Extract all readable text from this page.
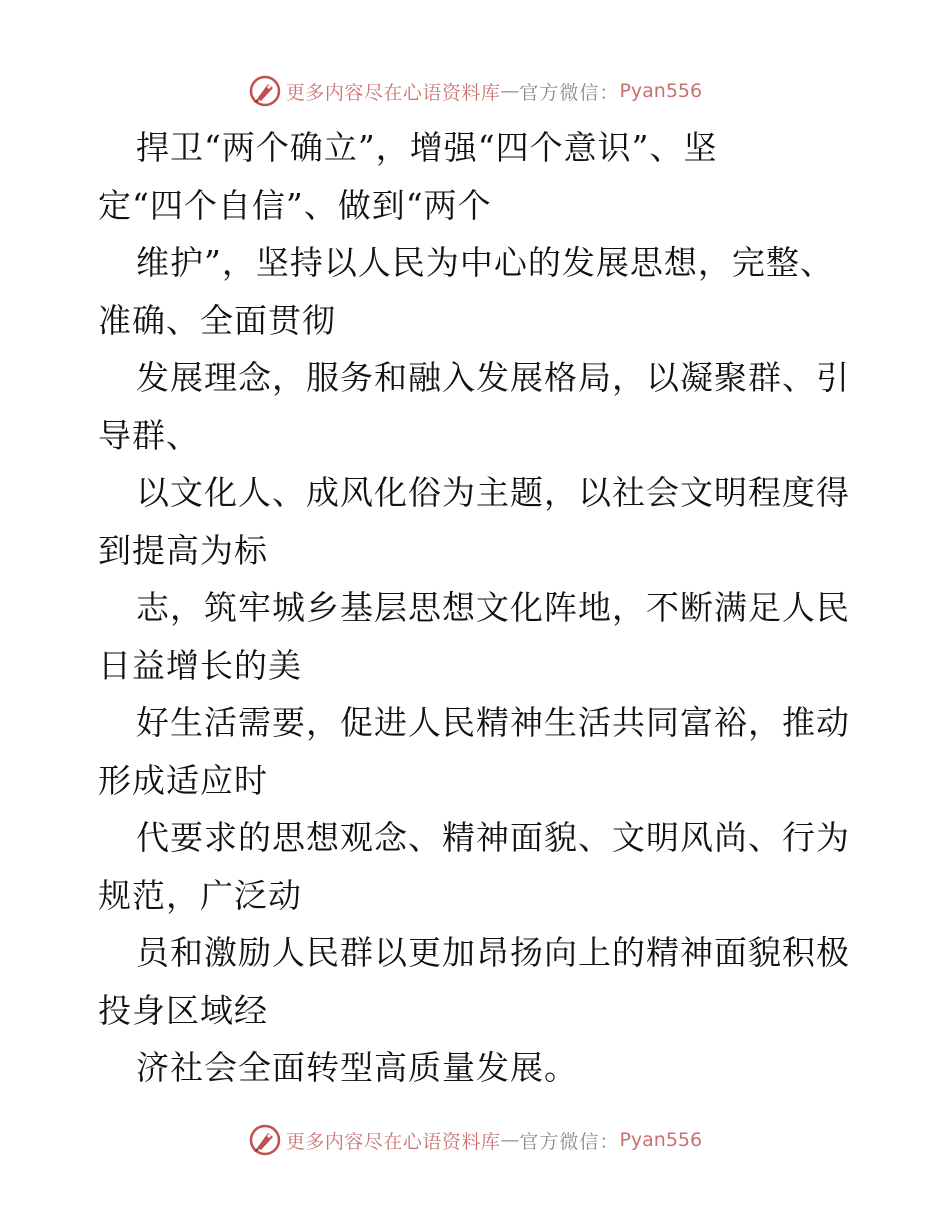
更多内容尽在心语资料库 — 官方微信： Pyan556
捍卫“两个确立”，增强“四个意识”、坚
定“四个自信”、做到“两个
维护”，坚持以人民为中心的发展思想，完整、
准确、全面贯彻
发展理念，服务和融入发展格局，以凝聚群、引
导群、
以文化人、成风化俗为主题，以社会文明程度得
到提高为标
志，筑牢城乡基层思想文化阵地，不断满足人民
日益增长的美
好生活需要，促进人民精神生活共同富裕，推动
形成适应时
代要求的思想观念、精神面貌、文明风尚、行为
规范，广泛动
员和激励人民群以更加昂扬向上的精神面貌积极
投身区域经
济社会全面转型高质量发展。
更多内容尽在心语资料库 — 官方微信： Pyan556
